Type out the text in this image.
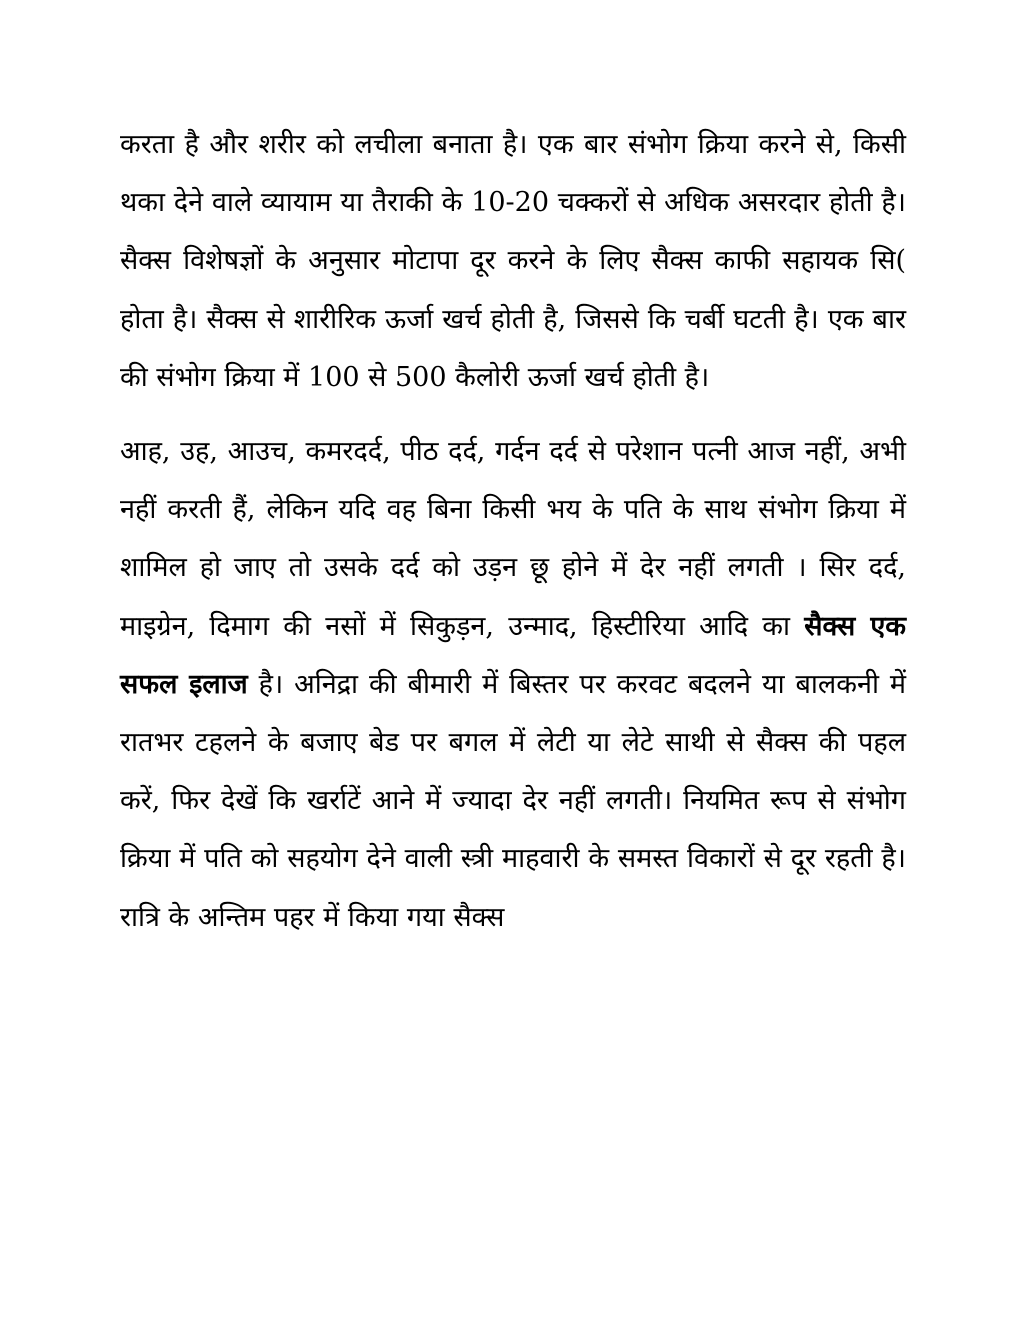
करता है और शरीर को लचीला बनाता है। एक बार संभोग क्रिया करने से, किसी थका देने वाले व्यायाम या तैराकी के 10-20 चक्करों से अधिक असरदार होती है। सैक्स विशेषज्ञों के अनुसार मोटापा दूर करने के लिए सैक्स काफी सहायक सि( होता है। सैक्स से शारीरिक ऊर्जा खर्च होती है, जिससे कि चर्बी घटती है। एक बार की संभोग क्रिया में 100 से 500 कैलोरी ऊर्जा खर्च होती है।

आह, उह, आउच, कमरदर्द, पीठ दर्द, गर्दन दर्द से परेशान पत्नी आज नहीं, अभी नहीं करती हैं, लेकिन यदि वह बिना किसी भय के पति के साथ संभोग क्रिया में शामिल हो जाए तो उसके दर्द को उड़न छू होने में देर नहीं लगती । सिर दर्द, माइग्रेन, दिमाग की नसों में सिकुड़न, उन्माद, हिस्टीरिया आदि का सैक्स एक सफल इलाज है। अनिद्रा की बीमारी में बिस्तर पर करवट बदलने या बालकनी में रातभर टहलने के बजाए बेड पर बगल में लेटी या लेटे साथी से सैक्स की पहल करें, फिर देखें कि खर्राटें आने में ज्यादा देर नहीं लगती। नियमित रूप से संभोग क्रिया में पति को सहयोग देने वाली स्त्री माहवारी के समस्त विकारों से दूर रहती है। रात्रि के अन्तिम पहर में किया गया सैक्स
